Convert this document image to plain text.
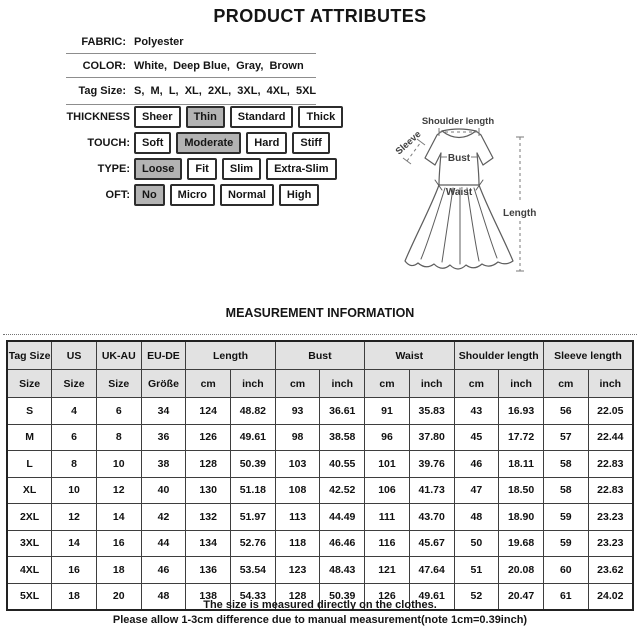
PRODUCT ATTRIBUTES
FABRIC: Polyester
COLOR: White,  Deep Blue,  Gray,  Brown
Tag Size: S,  M,  L,  XL,  2XL,  3XL,  4XL,  5XL
THICKNESS	Sheer	Thin	Standard	Thick
TOUCH:	Soft	Moderate	Hard	Stiff
TYPE:	Loose	Fit	Slim	Extra-Slim
OFT:	No	Micro	Normal	High
Shoulder length
Sleeve
Bust
Waist
Length
MEASUREMENT INFORMATION
Tag Size	US	UK-AU	EU-DE	Length		Bust		Waist		Shoulder length		Sleeve length	
Size	Size	Size	Größe	cm	inch	cm	inch	cm	inch	cm	inch	cm	inch
S	4	6	34	124	48.82	93	36.61	91	35.83	43	16.93	56	22.05
M	6	8	36	126	49.61	98	38.58	96	37.80	45	17.72	57	22.44
L	8	10	38	128	50.39	103	40.55	101	39.76	46	18.11	58	22.83
XL	10	12	40	130	51.18	108	42.52	106	41.73	47	18.50	58	22.83
2XL	12	14	42	132	51.97	113	44.49	111	43.70	48	18.90	59	23.23
3XL	14	16	44	134	52.76	118	46.46	116	45.67	50	19.68	59	23.23
4XL	16	18	46	136	53.54	123	48.43	121	47.64	51	20.08	60	23.62
5XL	18	20	48	138	54.33	128	50.39	126	49.61	52	20.47	61	24.02
The size is measured directly on the clothes.
Please allow 1-3cm difference due to manual measurement(note 1cm=0.39inch)
